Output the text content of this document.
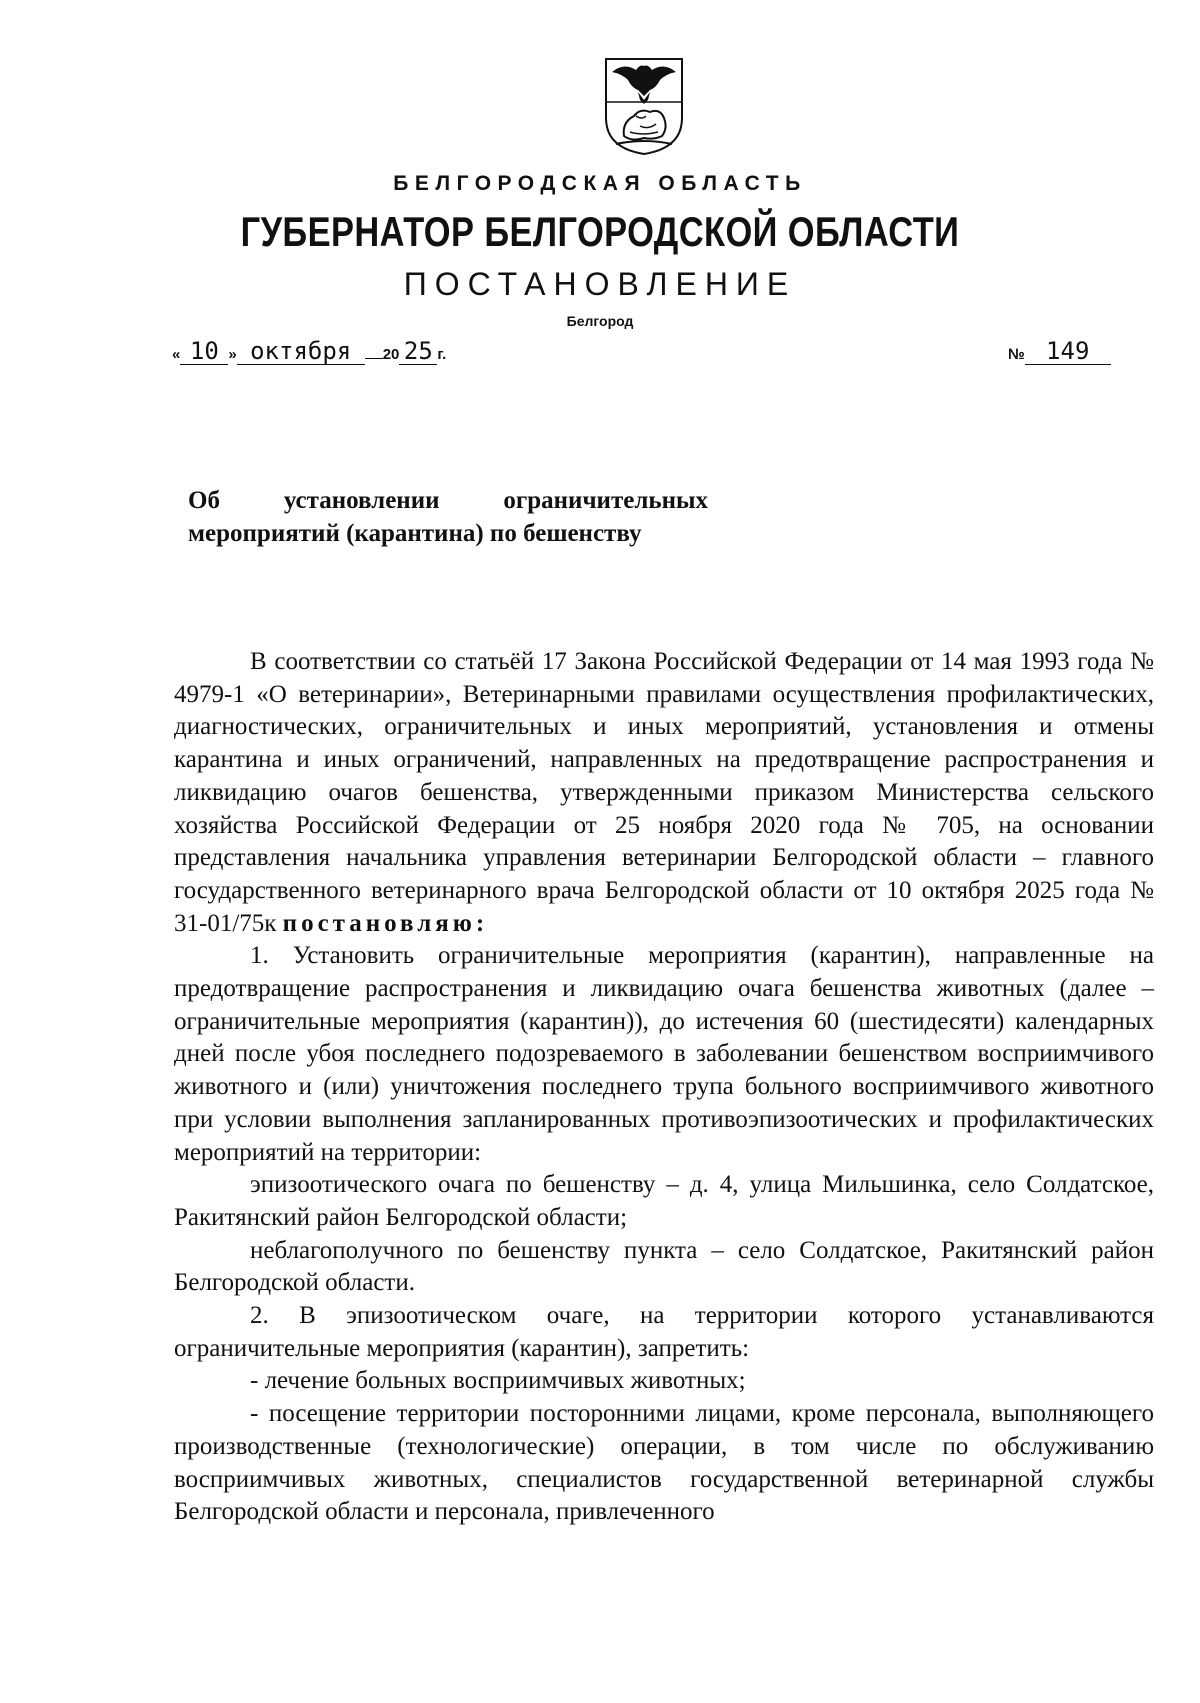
БЕЛГОРОДСКАЯ ОБЛАСТЬ
ГУБЕРНАТОР БЕЛГОРОДСКОЙ ОБЛАСТИ
ПОСТАНОВЛЕНИЕ
Белгород
« 10 » октября 20 25 г.	№ 149
Об установлении ограничительных
мероприятий (карантина) по бешенству

В соответствии со статьёй 17 Закона Российской Федерации от 14 мая 1993 года № 4979-1 «О ветеринарии», Ветеринарными правилами осуществления профилактических, диагностических, ограничительных и иных мероприятий, установления и отмены карантина и иных ограничений, направленных на предотвращение распространения и ликвидацию очагов бешенства, утвержденными приказом Министерства сельского хозяйства Российской Федерации от 25 ноября 2020 года № 705, на основании представления начальника управления ветеринарии Белгородской области – главного государственного ветеринарного врача Белгородской области от 10 октября 2025 года № 31-01/75к постановляю:

1. Установить ограничительные мероприятия (карантин), направленные на предотвращение распространения и ликвидацию очага бешенства животных (далее – ограничительные мероприятия (карантин)), до истечения 60 (шестидесяти) календарных дней после убоя последнего подозреваемого в заболевании бешенством восприимчивого животного и (или) уничтожения последнего трупа больного восприимчивого животного при условии выполнения запланированных противоэпизоотических и профилактических мероприятий на территории:

эпизоотического очага по бешенству – д. 4, улица Мильшинка, село Солдатское, Ракитянский район Белгородской области;

неблагополучного по бешенству пункта – село Солдатское, Ракитянский район Белгородской области.

2. В эпизоотическом очаге, на территории которого устанавливаются ограничительные мероприятия (карантин), запретить:

- лечение больных восприимчивых животных;

- посещение территории посторонними лицами, кроме персонала, выполняющего производственные (технологические) операции, в том числе по обслуживанию восприимчивых животных, специалистов государственной ветеринарной службы Белгородской области и персонала, привлеченного
